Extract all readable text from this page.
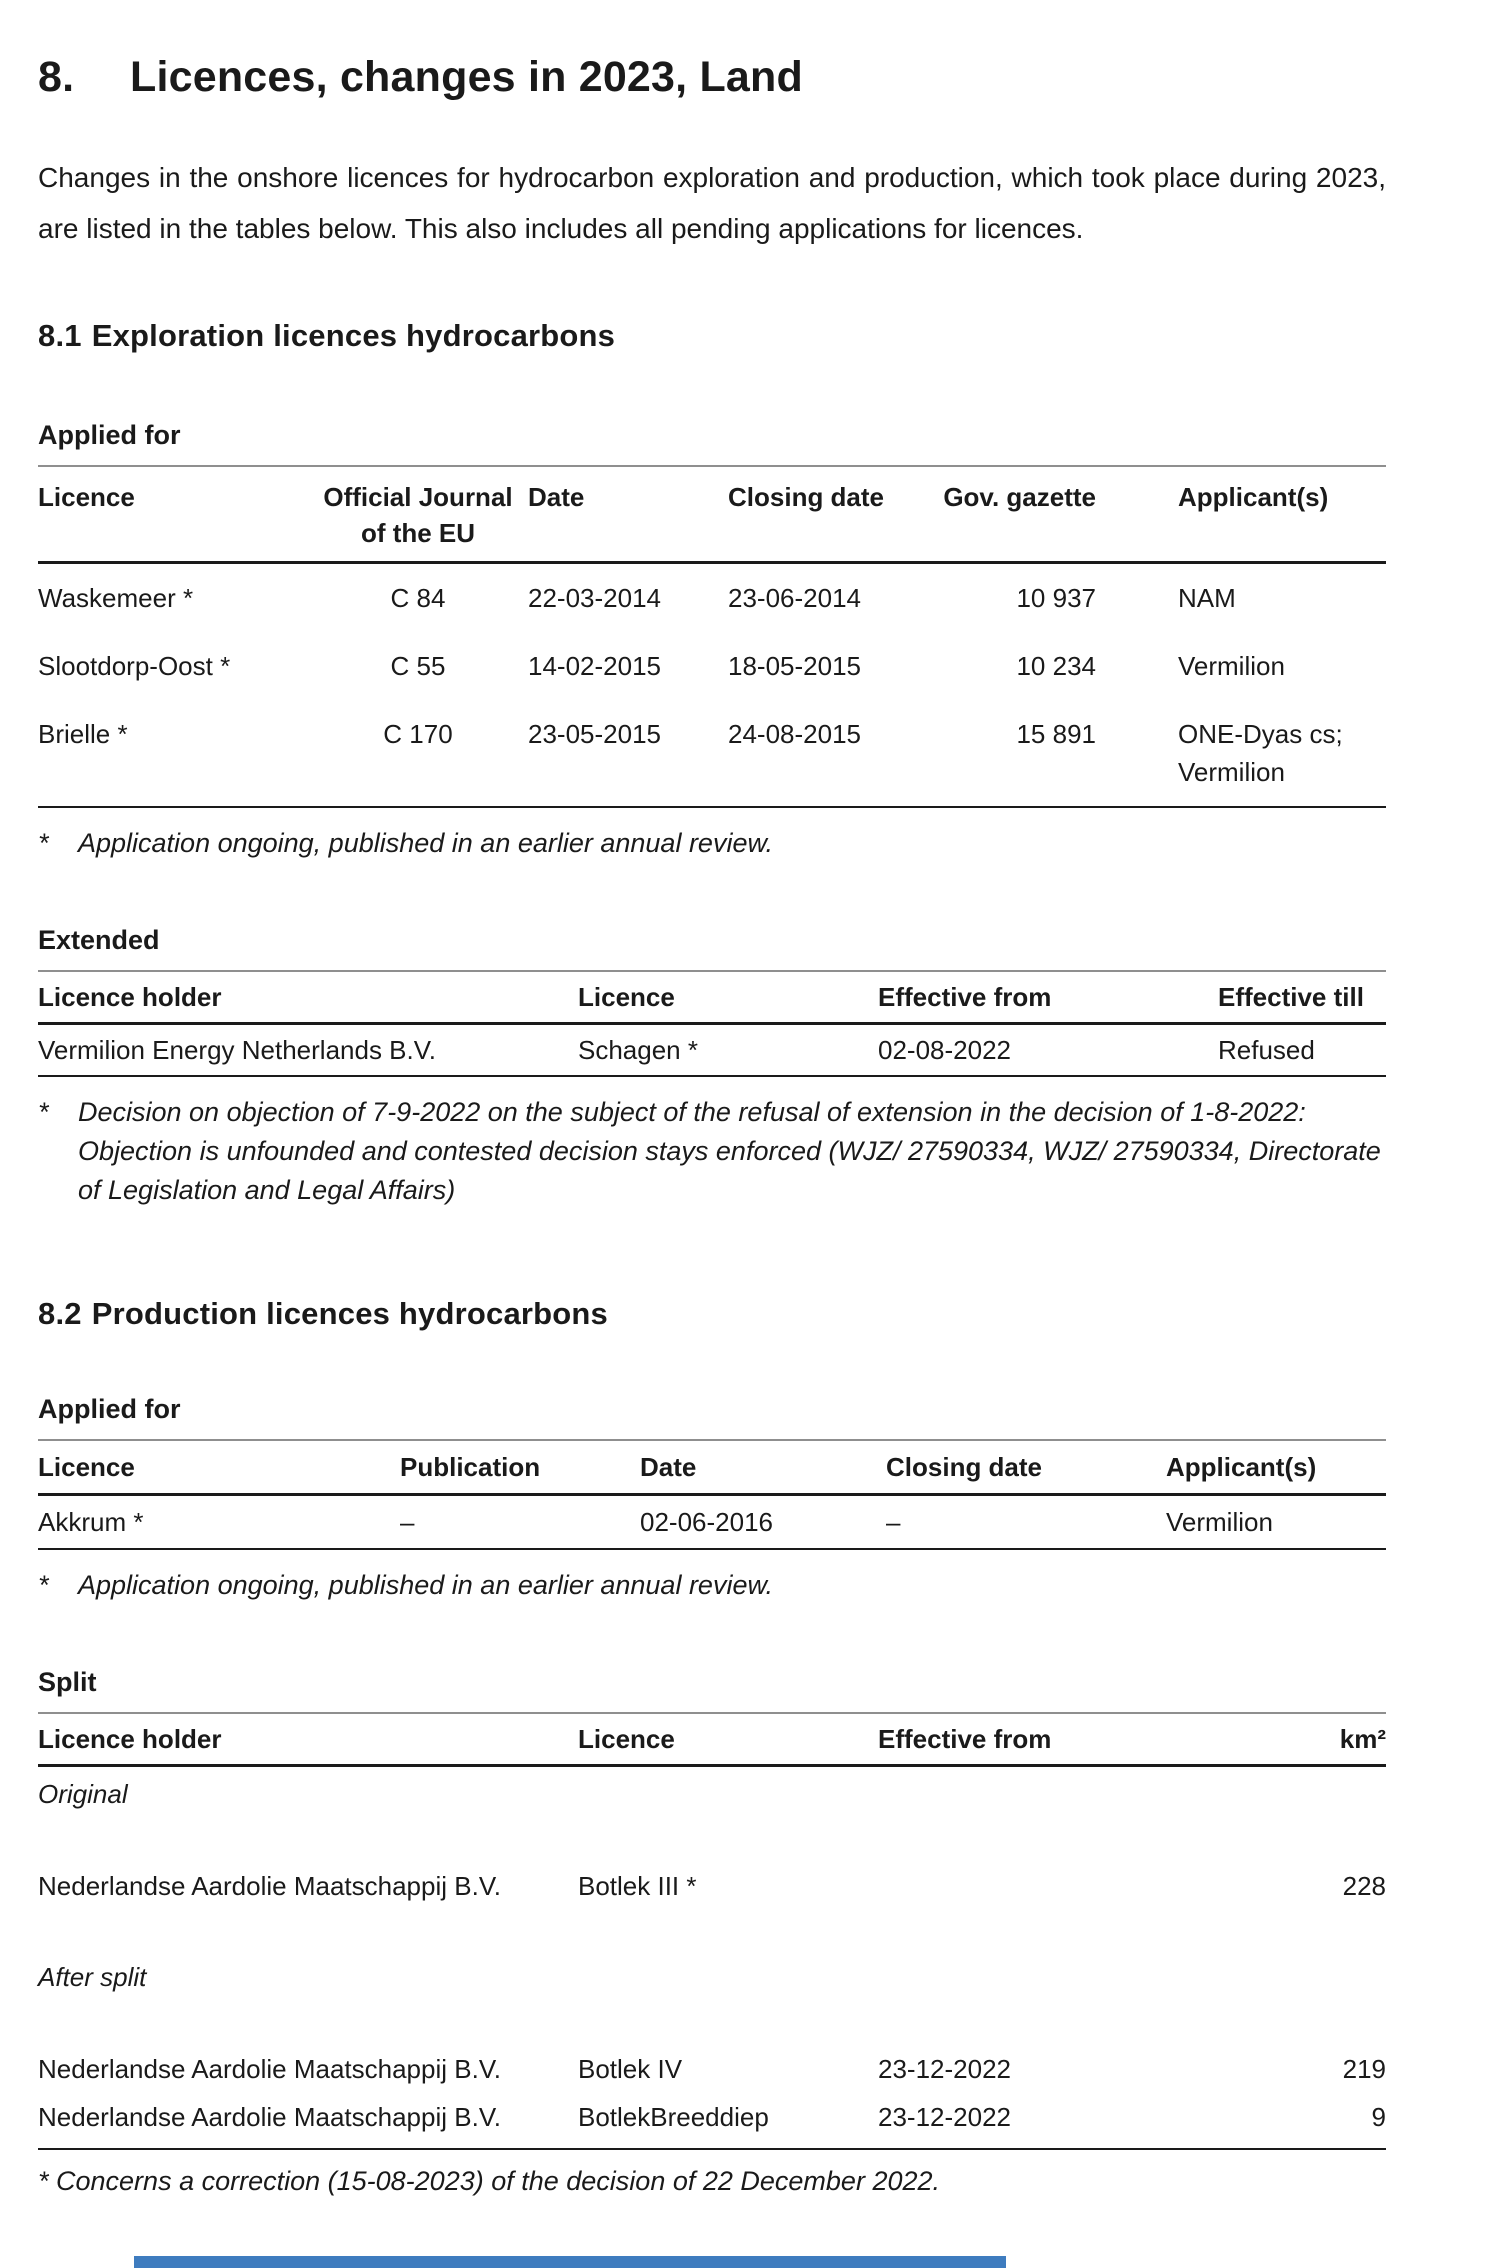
8.	Licences, changes in 2023, Land

Changes in the onshore licences for hydrocarbon exploration and production, which took place during 2023, are listed in the tables below. This also includes all pending applications for licences.

8.1 Exploration licences hydrocarbons
Applied for
Licence	Official Journal of the EU	Date	Closing date	Gov. gazette	Applicant(s)
Waskemeer *	C 84	22-03-2014	23-06-2014	10 937	NAM
Slootdorp-Oost *	C 55	14-02-2015	18-05-2015	10 234	Vermilion
Brielle *	C 170	23-05-2015	24-08-2015	15 891	ONE-Dyas cs; Vermilion
*	Application ongoing, published in an earlier annual review.
Extended
Licence holder	Licence	Effective from	Effective till
Vermilion Energy Netherlands B.V.	Schagen *	02-08-2022	Refused
*	Decision on objection of 7-9-2022 on the subject of the refusal of extension in the decision of 1-8-2022: Objection is unfounded and contested decision stays enforced (WJZ/ 27590334, WJZ/ 27590334, Directorate of Legislation and Legal Affairs)
8.2 Production licences hydrocarbons
Applied for
Licence	Publication	Date	Closing date	Applicant(s)
Akkrum *	–	02-06-2016	–	Vermilion
*	Application ongoing, published in an earlier annual review.
Split
Licence holder	Licence	Effective from	km²
Original			
Nederlandse Aardolie Maatschappij B.V.	Botlek III *		228
After split			
Nederlandse Aardolie Maatschappij B.V.	Botlek IV	23-12-2022	219
Nederlandse Aardolie Maatschappij B.V.	BotlekBreeddiep	23-12-2022	9
* Concerns a correction (15-08-2023) of the decision of 22 December 2022.
